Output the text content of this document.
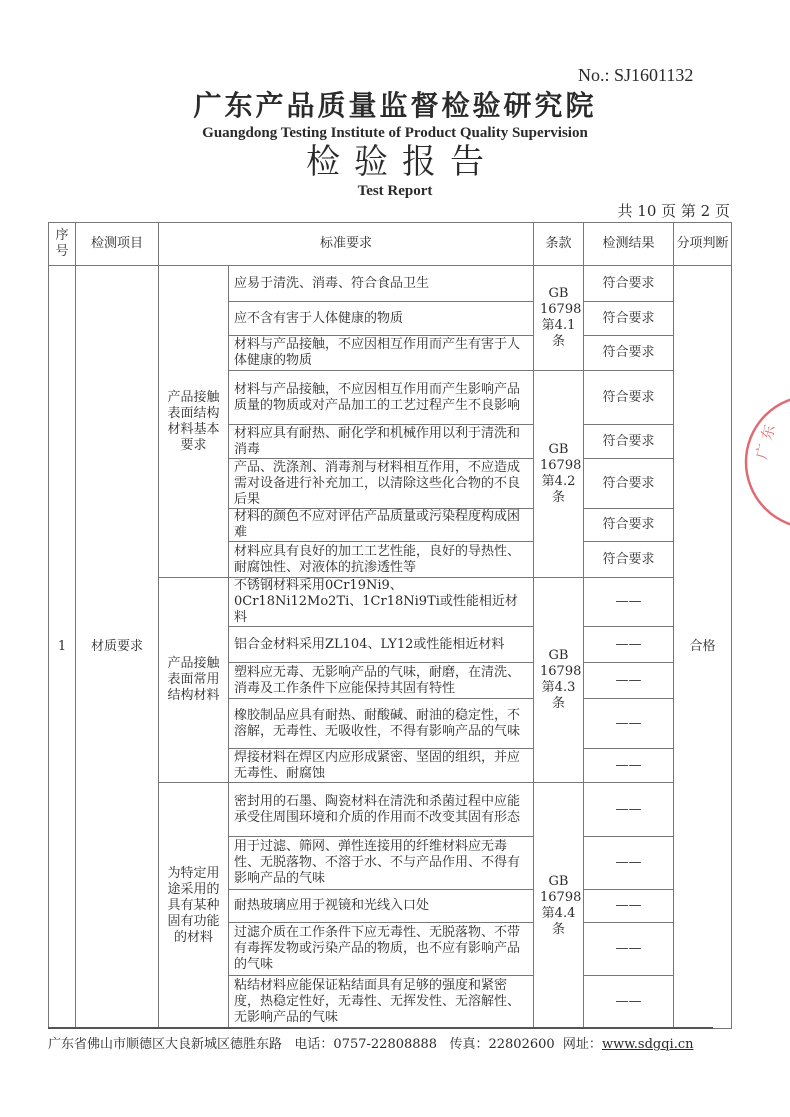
No.: SJ1601132
广东产品质量监督检验研究院
Guangdong Testing Institute of Product Quality Supervision
检验报告
Test Report
共 10 页 第 2 页
序号	检测项目	标准要求		条款	检测结果	分项判断
1	材质要求	产品接触表面结构材料基本要求	应易于清洗、消毒、符合食品卫生	GB 16798 第4.1条	符合要求	合格
			应不含有害于人体健康的物质		符合要求	
			材料与产品接触，不应因相互作用而产生有害于人体健康的物质		符合要求	
			材料与产品接触，不应因相互作用而产生影响产品质量的物质或对产品加工的工艺过程产生不良影响	GB 16798 第4.2条	符合要求	
			材料应具有耐热、耐化学和机械作用以利于清洗和消毒		符合要求	
			产品、洗涤剂、消毒剂与材料相互作用，不应造成需对设备进行补充加工，以清除这些化合物的不良后果		符合要求	
			材料的颜色不应对评估产品质量或污染程度构成困难		符合要求	
			材料应具有良好的加工工艺性能，良好的导热性、耐腐蚀性、对液体的抗渗透性等		符合要求	
		产品接触表面常用结构材料	不锈钢材料采用0Cr19Ni9、0Cr18Ni12Mo2Ti、1Cr18Ni9Ti或性能相近材料	GB 16798 第4.3条	——	
			铝合金材料采用ZL104、LY12或性能相近材料		——	
			塑料应无毒、无影响产品的气味，耐磨，在清洗、消毒及工作条件下应能保持其固有特性		——	
			橡胶制品应具有耐热、耐酸碱、耐油的稳定性，不溶解，无毒性、无吸收性，不得有影响产品的气味		——	
			焊接材料在焊区内应形成紧密、坚固的组织，并应无毒性、耐腐蚀		——	
		为特定用途采用的具有某种固有功能的材料	密封用的石墨、陶瓷材料在清洗和杀菌过程中应能承受住周围环境和介质的作用而不改变其固有形态	GB 16798 第4.4条	——	
			用于过滤、筛网、弹性连接用的纤维材料应无毒性、无脱落物、不溶于水、不与产品作用、不得有影响产品的气味		——	
			耐热玻璃应用于视镜和光线入口处		——	
			过滤介质在工作条件下应无毒性、无脱落物、不带有毒挥发物或污染产品的物质，也不应有影响产品的气味		——	
			粘结材料应能保证粘结面具有足够的强度和紧密度，热稳定性好，无毒性、无挥发性、无溶解性、无影响产品的气味		——	
广 东
广东省佛山市顺德区大良新城区德胜东路 电话：0757-22808888 传真：22802600 网址：www.sdgqi.cn
